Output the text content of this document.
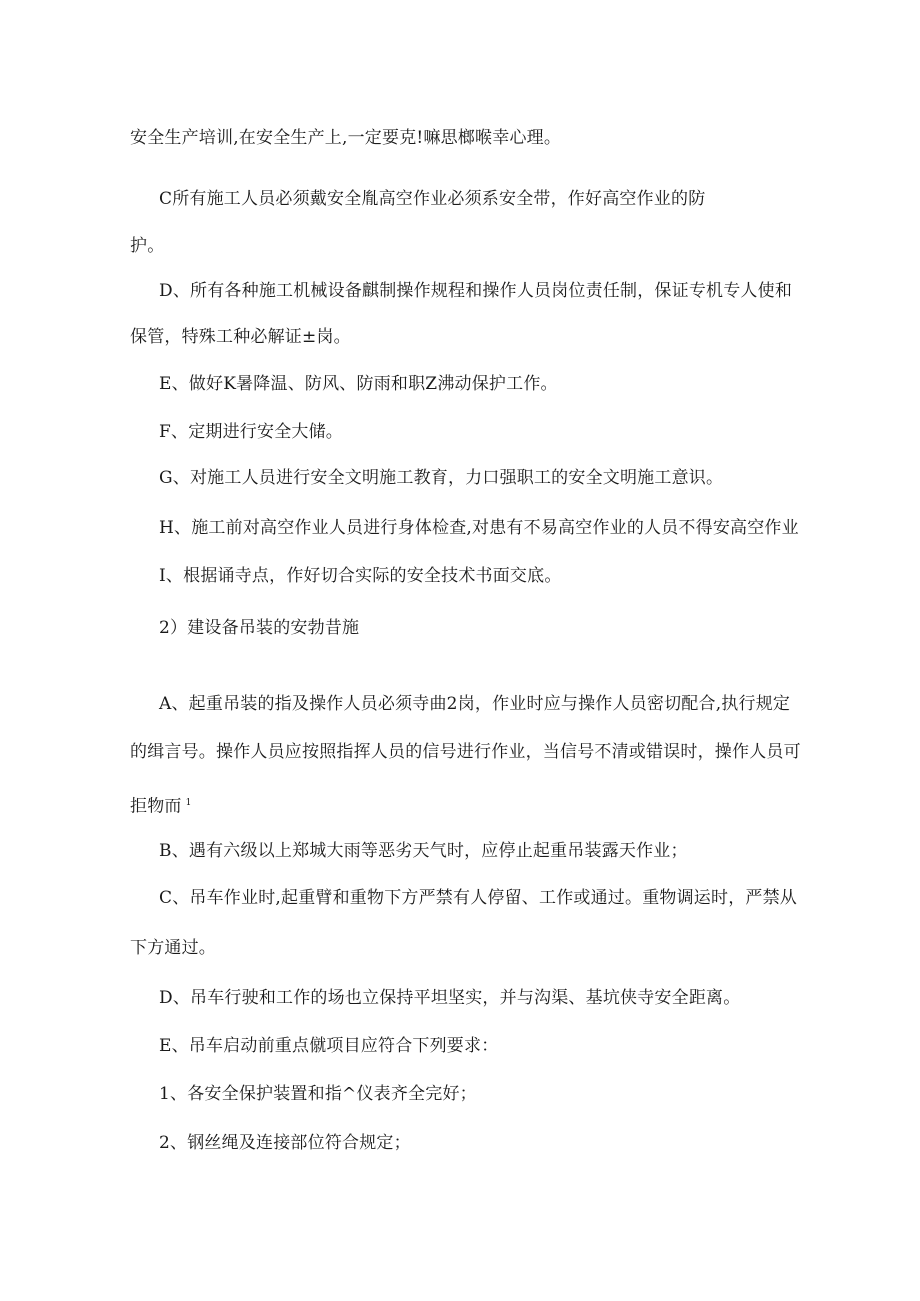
安全生产培训,在安全生产上,一定要克!嘛思榔喉幸心理。
C所有施工人员必须戴安全胤高空作业必须系安全带，作好高空作业的防
护。
D、所有各种施工机械设备麒制操作规程和操作人员岗位责任制，保证专机专人使和
保管，特殊工种必解证±岗。
E、做好K暑降温、防风、防雨和职Z沸动保护工作。
F、定期进行安全大储。
G、对施工人员进行安全文明施工教育，力口强职工的安全文明施工意识。
H、施工前对高空作业人员进行身体检查,对患有不易高空作业的人员不得安高空作业
I、根据诵寺点，作好切合实际的安全技术书面交底。
2）建设备吊装的安勃昔施
A、起重吊装的指及操作人员必须寺曲2岗，作业时应与操作人员密切配合,执行规定
的缉言号。操作人员应按照指挥人员的信号进行作业，当信号不清或错误时，操作人员可
拒物而 $^1$
B、遇有六级以上郑城大雨等恶劣天气时，应停止起重吊装露天作业；
C、吊车作业时,起重臂和重物下方严禁有人停留、工作或通过。重物调运时，严禁从
下方通过。
D、吊车行驶和工作的场也立保持平坦坚实，并与沟渠、基坑侠寺安全距离。
E、吊车启动前重点僦项目应符合下列要求：
1、各安全保护装置和指^仪表齐全完好；
2、钢丝绳及连接部位符合规定；
